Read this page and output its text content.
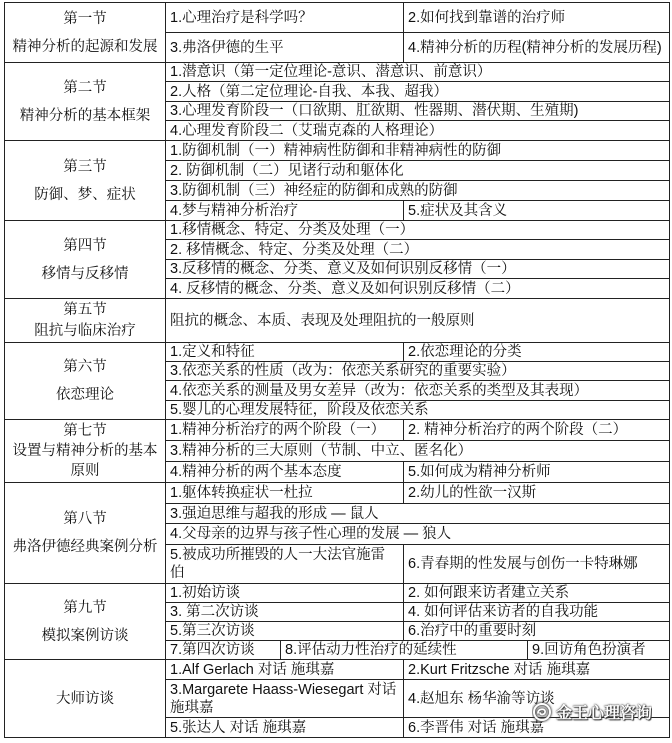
第一节
精神分析的起源和发展	1.心理治疗是科学吗？		2.如何找到靠谱的治疗师	
	3.弗洛伊德的生平		4.精神分析的历程(精神分析的发展历程)	

第二节
精神分析的基本框架	1.潜意识（第一定位理论-意识、潜意识、前意识）			
	2.人格（第二定位理论-自我、本我、超我）			
	3.心理发育阶段一（口欲期、肛欲期、性器期、潜伏期、生殖期)			
	4.心理发育阶段二（艾瑞克森的人格理论）			

第三节
防御、梦、症状	1.防御机制（一）精神病性防御和非精神病性的防御			
	2. 防御机制（二）见诸行动和躯体化			
	3.防御机制（三）神经症的防御和成熟的防御			
	4.梦与精神分析治疗		5.症状及其含义	

第四节
移情与反移情	1.移情概念、特定、分类及处理（一）			
	2. 移情概念、特定、分类及处理（二）			
	3.反移情的概念、分类、意义及如何识别反移情（一）			
	4. 反移情的概念、分类、意义及如何识别反移情（二）			

第五节
阻抗与临床治疗	阻抗的概念、本质、表现及处理阻抗的一般原则			

第六节
依恋理论	1.定义和特征		2.依恋理论的分类	
	3.依恋关系的性质（改为：依恋关系研究的重要实验）			
	4.依恋关系的测量及男女差异（改为：依恋关系的类型及其表现）			
	5.婴儿的心理发展特征，阶段及依恋关系			

第七节
设置与精神分析的基本原则	1.精神分析治疗的两个阶段（一）		2. 精神分析治疗的两个阶段（二）	
	3.精神分析的三大原则（节制、中立、匿名化）			
	4.精神分析的两个基本态度		5.如何成为精神分析师	

第八节
弗洛伊德经典案例分析	1.躯体转换症状一杜拉		2.幼儿的性欲一汉斯	
	3.强迫思维与超我的形成 — 鼠人			
	4.父母亲的边界与孩子性心理的发展 — 狼人			
	5.被成功所摧毁的人一大法官施雷伯		6.青春期的性发展与创伤一卡特琳娜	

第九节
模拟案例访谈	1.初始访谈		2. 如何跟来访者建立关系	
	3. 第二次访谈		4. 如何评估来访者的自我功能	
	5.第三次访谈		6.治疗中的重要时刻	
	7.第四次访谈	8.评估动力性治疗的延续性		9.回访角色扮演者

大师访谈	1.Alf Gerlach 对话 施琪嘉		2.Kurt Fritzsche 对话 施琪嘉	
	3.Margarete Haass-Wiesegart 对话施琪嘉		4.赵旭东 杨华渝等访谈	
	5.张达人 对话 施琪嘉		6.李晋伟 对话 施琪嘉	
金王心理咨询
